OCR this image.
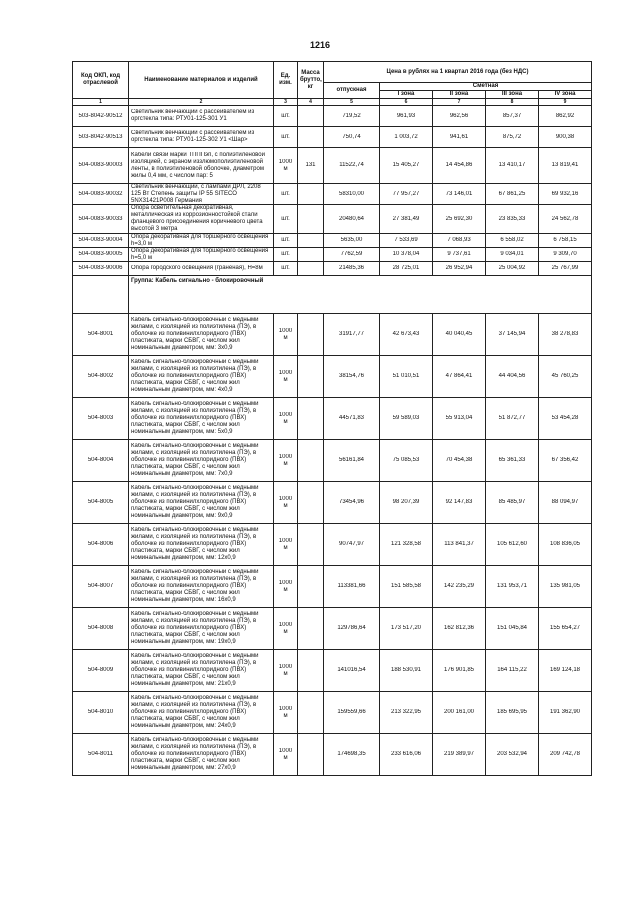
1216
Код ОКП, код отраслевой	Наименование материалов и изделий	Ед. изм.	Масса брутто, кг	Цена в рублях на 1 квартал 2016 года (без НДС)				
				отпускная	Сметная			
					I зона	II зона	III зона	IV зона
1	2	3	4	5	6	7	8	9

503-8042-90512	Светильник венчающий с рассеивателем из оргстекла типа: РТУ01-125-301 У1	шт.		719,52	961,93	962,56	857,37	862,92

503-8042-90513	Светильник венчающий с рассеивателем из оргстекла типа: РТУ01-125-302 У1 <Шар>	шт.		750,74	1 003,72	941,61	875,72	900,38

504-0083-90003	Кабели связи марки ТПППэп, с полиэтиленовой изоляцией, с экраном иззлюмополиэтиленовой ленты, в полиэтиленовой оболочке, диаметром жилы 0,4 мм, с числом пар: 5	1000 м	131	11522,74	15 405,27	14 454,86	13 410,17	13 819,41

504-0083-90032	Светильник венчающий, с лампами ДРЛ, 2208 125 Вт Степень защиты IP 55 SITECO 5NX31421P008 Германия	шт.		58310,00	77 957,27	73 146,01	67 861,25	69 932,16

504-0083-90033	Опора осветительная декоративная, металлическая из коррозионностойкой стали фланцевого присоединения коричневого цвета высотой 3 метра	шт.		20480,64	27 381,49	25 692,30	23 835,33	24 562,78

504-0083-90004	Опора декоративная для торшерного освещения h=3,0 м	шт.		5635,00	7 533,69	7 068,93	6 558,02	6 758,15

504-0083-90005	Опора декоративная для торшерного освещения h=5,0 м	шт.		7762,59	10 378,04	9 737,61	9 034,01	9 309,70

504-0083-90006	Опора городского освещения (граненая), Н=8м	шт.		21485,36	28 725,01	26 952,94	25 004,92	25 767,99

	Группа: Кабель сигнально - блокировочный							

504-8001	Кабель сигнально-блокировочный с медными жилами, с изоляцией из полиэтилена (ПЭ), в оболочке из поливинилхлоридного (ПВХ) пластиката, марки СБВГ, с числом жил номинальным диаметром, мм: 3х0,9	1000 м		31917,77	42 673,43	40 040,45	37 145,94	38 278,83

504-8002	Кабель сигнально-блокировочный с медными жилами, с изоляцией из полиэтилена (ПЭ), в оболочке из поливинилхлоридного (ПВХ) пластиката, марки СБВГ, с числом жил номинальным диаметром, мм: 4х0,9	1000 м		38154,76	51 010,51	47 864,41	44 404,56	45 760,25

504-8003	Кабель сигнально-блокировочный с медными жилами, с изоляцией из полиэтилена (ПЭ), в оболочке из поливинилхлоридного (ПВХ) пластиката, марки СБВГ, с числом жил номинальным диаметром, мм: 5х0,9	1000 м		44571,83	59 589,03	55 913,04	51 872,77	53 454,28

504-8004	Кабель сигнально-блокировочный с медными жилами, с изоляцией из полиэтилена (ПЭ), в оболочке из поливинилхлоридного (ПВХ) пластиката, марки СБВГ, с числом жил номинальным диаметром, мм: 7х0,9	1000 м		56161,84	75 085,53	70 454,38	65 361,33	67 356,42

504-8005	Кабель сигнально-блокировочный с медными жилами, с изоляцией из полиэтилена (ПЭ), в оболочке из поливинилхлоридного (ПВХ) пластиката, марки СБВГ, с числом жил номинальным диаметром, мм: 9х0,9	1000 м		73454,96	98 207,39	92 147,83	85 485,97	88 094,97

504-8006	Кабель сигнально-блокировочный с медными жилами, с изоляцией из полиэтилена (ПЭ), в оболочке из поливинилхлоридного (ПВХ) пластиката, марки СБВГ, с числом жил номинальным диаметром, мм: 12х0,9	1000 м		90747,97	121 328,58	113 841,37	105 612,60	108 836,05

504-8007	Кабель сигнально-блокировочный с медными жилами, с изоляцией из полиэтилена (ПЭ), в оболочке из поливинилхлоридного (ПВХ) пластиката, марки СБВГ, с числом жил номинальным диаметром, мм: 16х0,9	1000 м		113381,66	151 585,58	142 235,29	131 953,71	135 981,05

504-8008	Кабель сигнально-блокировочный с медными жилами, с изоляцией из полиэтилена (ПЭ), в оболочке из поливинилхлоридного (ПВХ) пластиката, марки СБВГ, с числом жил номинальным диаметром, мм: 19х0,9	1000 м		129786,64	173 517,20	162 812,36	151 045,84	155 654,27

504-8009	Кабель сигнально-блокировочный с медными жилами, с изоляцией из полиэтилена (ПЭ), в оболочке из поливинилхлоридного (ПВХ) пластиката, марки СБВГ, с числом жил номинальным диаметром, мм: 21х0,9	1000 м		141016,54	188 530,91	176 901,85	164 115,22	169 124,18

504-8010	Кабель сигнально-блокировочный с медными жилами, с изоляцией из полиэтилена (ПЭ), в оболочке из поливинилхлоридного (ПВХ) пластиката, марки СБВГ, с числом жил номинальным диаметром, мм: 24х0,9	1000 м		159559,66	213 322,95	200 161,00	185 695,95	191 362,90

504-8011	Кабель сигнально-блокировочный с медными жилами, с изоляцией из полиэтилена (ПЭ), в оболочке из поливинилхлоридного (ПВХ) пластиката, марки СБВГ, с числом жил номинальным диаметром, мм: 27х0,9	1000 м		174698,35	233 616,06	219 389,97	203 532,94	209 742,78
